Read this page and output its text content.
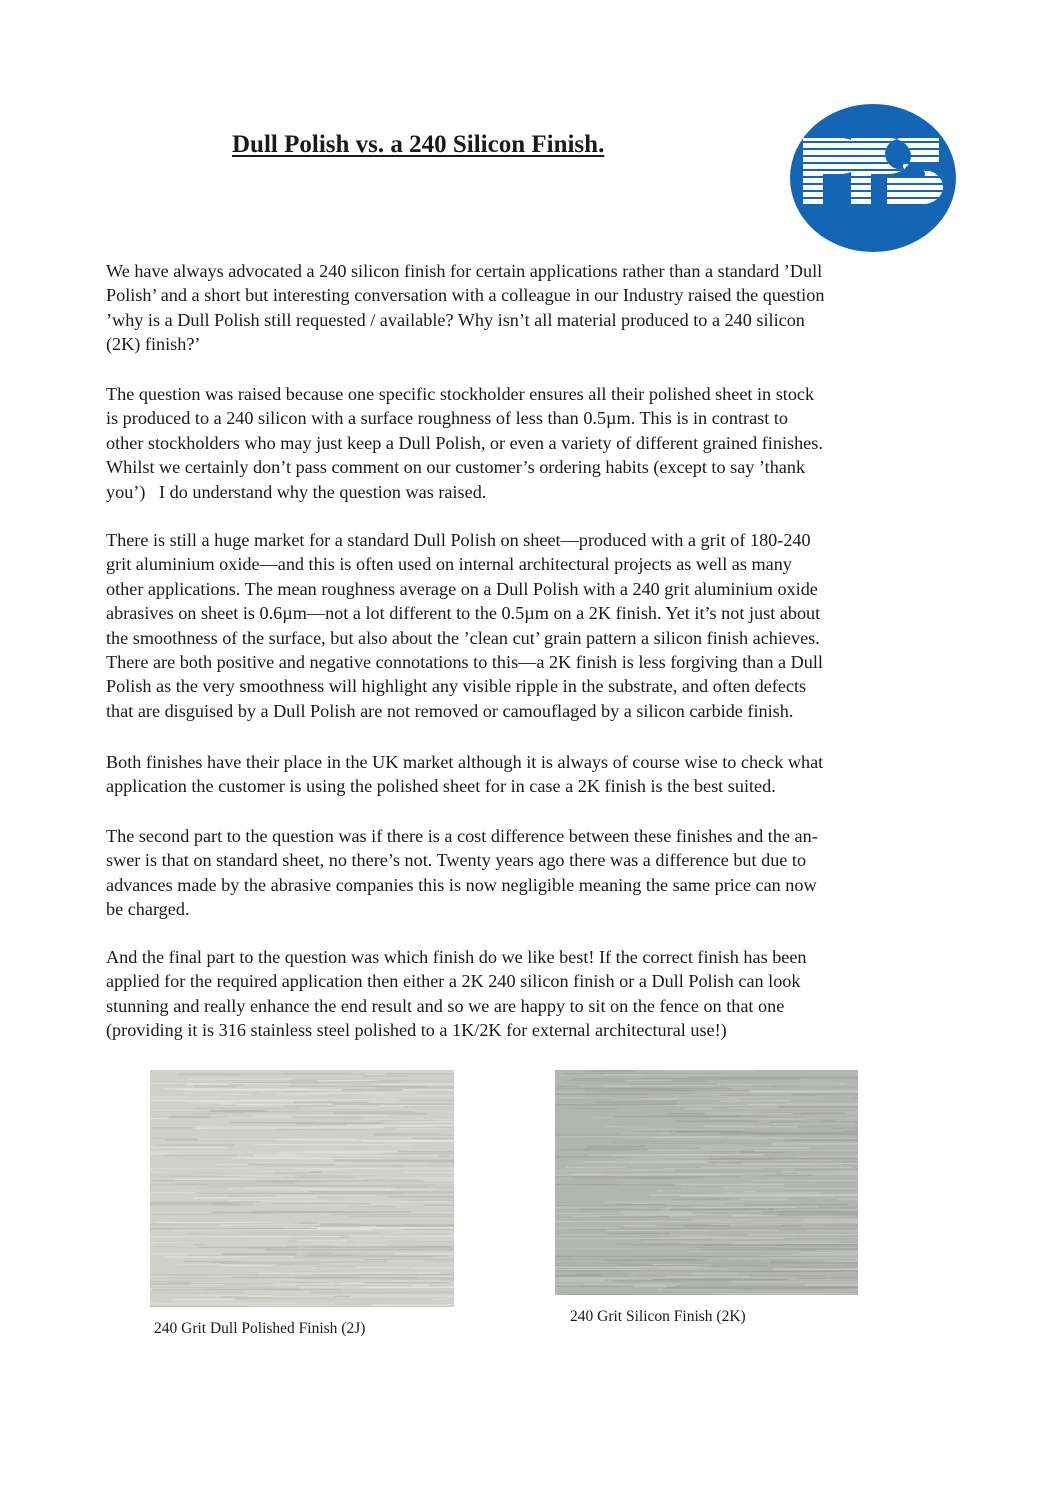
Dull Polish vs. a 240 Silicon Finish.

We have always advocated a 240 silicon finish for certain applications rather than a standard ’Dull
Polish’ and a short but interesting conversation with a colleague in our Industry raised the question
’why is a Dull Polish still requested / available? Why isn’t all material produced to a 240 silicon
(2K) finish?’

The question was raised because one specific stockholder ensures all their polished sheet in stock
is produced to a 240 silicon with a surface roughness of less than 0.5µm. This is in contrast to
other stockholders who may just keep a Dull Polish, or even a variety of different grained finishes.
Whilst we certainly don’t pass comment on our customer’s ordering habits (except to say ’thank
you’)   I do understand why the question was raised.

There is still a huge market for a standard Dull Polish on sheet—produced with a grit of 180-240
grit aluminium oxide—and this is often used on internal architectural projects as well as many
other applications. The mean roughness average on a Dull Polish with a 240 grit aluminium oxide
abrasives on sheet is 0.6µm—not a lot different to the 0.5µm on a 2K finish. Yet it’s not just about
the smoothness of the surface, but also about the ’clean cut’ grain pattern a silicon finish achieves.
There are both positive and negative connotations to this—a 2K finish is less forgiving than a Dull
Polish as the very smoothness will highlight any visible ripple in the substrate, and often defects
that are disguised by a Dull Polish are not removed or camouflaged by a silicon carbide finish.

Both finishes have their place in the UK market although it is always of course wise to check what
application the customer is using the polished sheet for in case a 2K finish is the best suited.

The second part to the question was if there is a cost difference between these finishes and the an-
swer is that on standard sheet, no there’s not. Twenty years ago there was a difference but due to
advances made by the abrasive companies this is now negligible meaning the same price can now
be charged.

And the final part to the question was which finish do we like best! If the correct finish has been
applied for the required application then either a 2K 240 silicon finish or a Dull Polish can look
stunning and really enhance the end result and so we are happy to sit on the fence on that one
(providing it is 316 stainless steel polished to a 1K/2K for external architectural use!)

240 Grit Dull Polished Finish (2J)

240 Grit Silicon Finish (2K)
